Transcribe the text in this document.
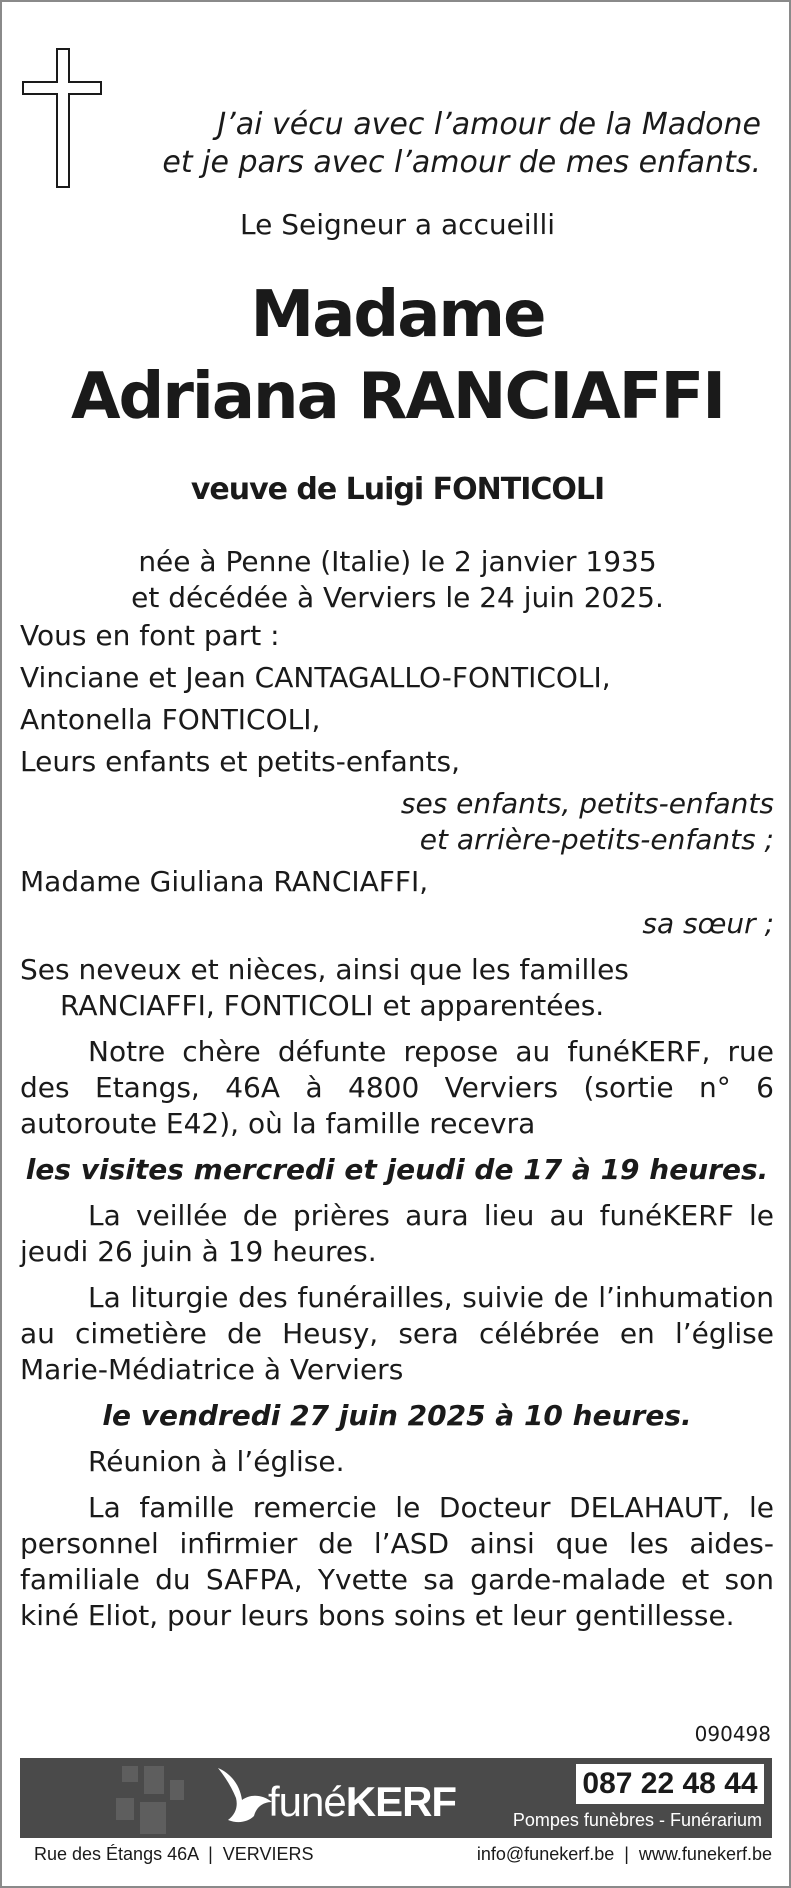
J’ai vécu avec l’amour de la Madone
et je pars avec l’amour de mes enfants.
Le Seigneur a accueilli
Madame
Adriana RANCIAFFI
veuve de Luigi FONTICOLI
née à Penne (Italie) le 2 janvier 1935
et décédée à Verviers le 24 juin 2025.

Vous en font part :

Vinciane et Jean CANTAGALLO-FONTICOLI,

Antonella FONTICOLI,

Leurs enfants et petits-enfants,

ses enfants, petits-enfants

et arrière-petits-enfants ;

Madame Giuliana RANCIAFFI,

sa sœur ;

Ses neveux et nièces, ainsi que les familles

RANCIAFFI, FONTICOLI et apparentées.

Notre chère défunte repose au funéKERF, rue des Etangs, 46A à 4800 Verviers (sortie n° 6 autoroute E42), où la famille recevra

les visites mercredi et jeudi de 17 à 19 heures.

La veillée de prières aura lieu au funéKERF le jeudi 26 juin à 19 heures.

La liturgie des funérailles, suivie de l’inhumation au cimetière de Heusy, sera célébrée en l’église Marie-Médiatrice à Verviers

le vendredi 27 juin 2025 à 10 heures.

Réunion à l’église.

La famille remercie le Docteur DELAHAUT, le personnel infirmier de l’ASD ainsi que les aides-familiale du SAFPA, Yvette sa garde-malade et son kiné Eliot, pour leurs bons soins et leur gentillesse.

090498
funéKERF	087 22 48 44
Pompes funèbres - Funérarium
Rue des Étangs 46A  |  VERVIERS	info@funekerf.be  |  www.funekerf.be
